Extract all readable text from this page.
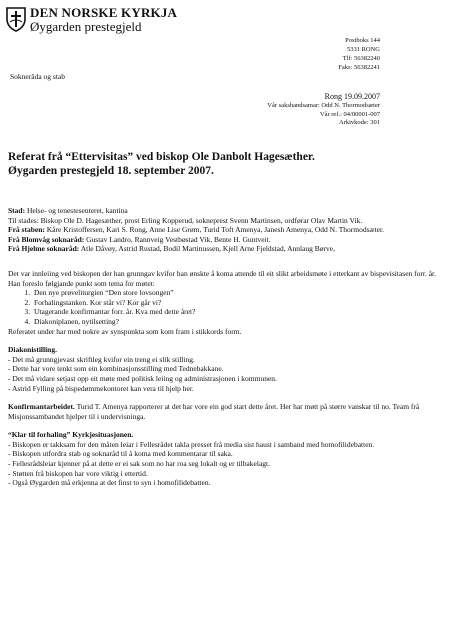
DEN NORSKE KYRKJA
Øygarden prestegjeld
Postboks 144
5331 RONG
Tlf: 56382240
Faks: 56382241
Soknerâda og stab
Rong 19.09.2007
Vår sakshandsamar: Odd N. Thormodsæter
Vår ref.: 04/00001-007
Arkivkode: 301
Referat frå “Ettervisitas” ved biskop Ole Danbolt Hagesæther.
Øygarden prestegjeld 18. september 2007.

Stad: Helse- og tenestesenteret, kantina

Til stades: Biskop Ole D. Hagesæther, prost Erling Kopperud, sokneprest Svenn Martinsen, ordførar Olav Martin Vik.

Frå staben: Kåre Kristoffersen, Kari S. Rong, Anne Lise Grøm, Turid Toft Amenya, Janesh Amenya, Odd N. Thormodsæter.

Frå Blomvåg soknaråd: Gustav Landro, Rannveig Vestbøstad Vik, Bente H. Guntveit.

Frå Hjelme soknaråd: Atle Dåvøy, Astrid Rustad, Bodil Martinussen, Kjell Arne Fjeldstad, Annlaug Børve,

Det var innleiing ved biskopen der han grunngav kvifor han ønskte å koma attende til eit slikt arbeidsmøte i etterkant av bispevisitasen forr. år. Han foreslo følgjande punkt som tema for møtet:

1. Den nye prøveliturgien “Den store lovsongen”
2. Forhalingstanken. Kor står vi? Kor går vi?
3. Utagerande konfirmantar forr. år. Kva med dette året?
4. Diakoniplanen, nytilsetting?

Referatet under har med nokre av synspunkta som kom fram i stikkords form.

Diakonistilling.

- Det må grunngjevast skriftleg kvifor ein treng ei slik stilling.

- Dette har vore tenkt som ein kombinasjonsstilling med Tednebakkane.

- Det må vidare setjast opp eit møte med politisk leiing og administrasjonen i kommunen.

- Astrid Fylling på bispedømmekontoret kan vera til hjelp her.

Konfirmantarbeidet. Turid T. Amenya rapporterer at det har vore ein god start dette året. Her har møtt på større vanskar til no. Team frå Misjonssambandet hjelper til i undervisninga.

“Klar til forhaling” Kyrkjesituasjonen.

- Biskopen er takksam for den måten leiar i Fellesrådet takla presset frå media sist haust i samband med homofilidebatten.

- Biskopen utfordra stab og soknaråd til å koma med kommentarar til saka.

- Fellesrådsleiar kjenner på at dette er ei sak som no har roa seg lokalt og er tilbakelagt.

- Støtten frå biskopen har vore viktig i ettertid.

- Også Øygarden må erkjenna at det finst to syn i homofilidebatten.
